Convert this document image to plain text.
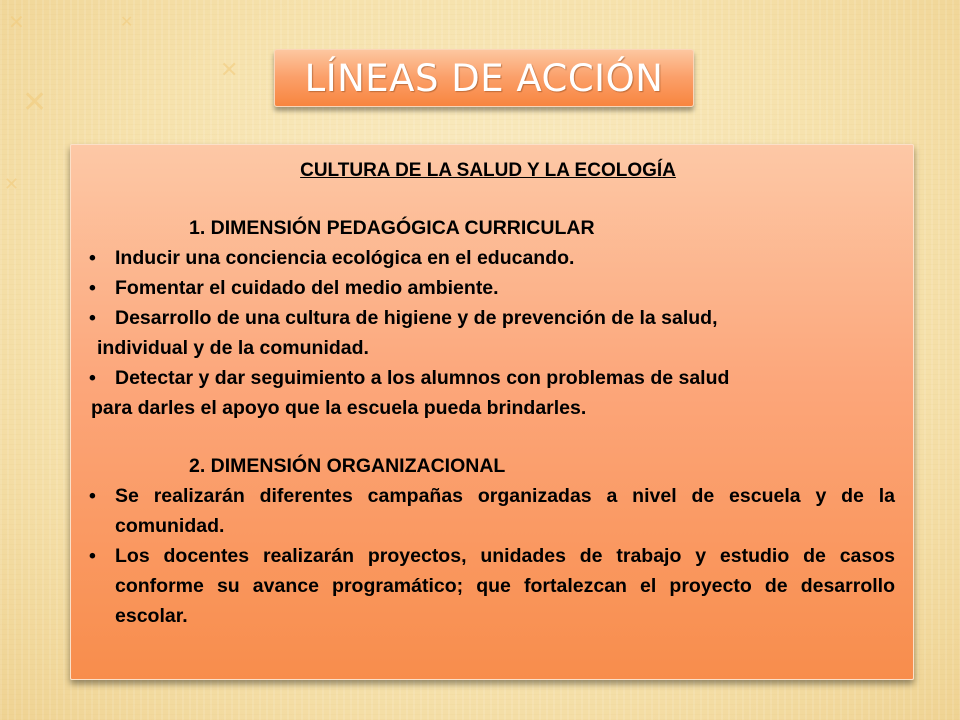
✕
✕
✕
✕
✕ LÍNEAS DE ACCIÓN
CULTURA DE LA SALUD Y LA ECOLOGÍA
1. DIMENSIÓN PEDAGÓGICA CURRICULAR
• Inducir una conciencia ecológica en el educando.
• Fomentar el cuidado del medio ambiente.
• Desarrollo de una cultura de higiene y de prevención de la salud,
individual y de la comunidad.
• Detectar y dar seguimiento a los alumnos con problemas de salud
para darles el apoyo que la escuela pueda brindarles.
2. DIMENSIÓN ORGANIZACIONAL
• Se realizarán diferentes campañas organizadas a nivel de escuela y de la comunidad.
• Los docentes realizarán proyectos, unidades de trabajo y estudio de casos conforme su avance programático; que fortalezcan el proyecto de desarrollo escolar.
